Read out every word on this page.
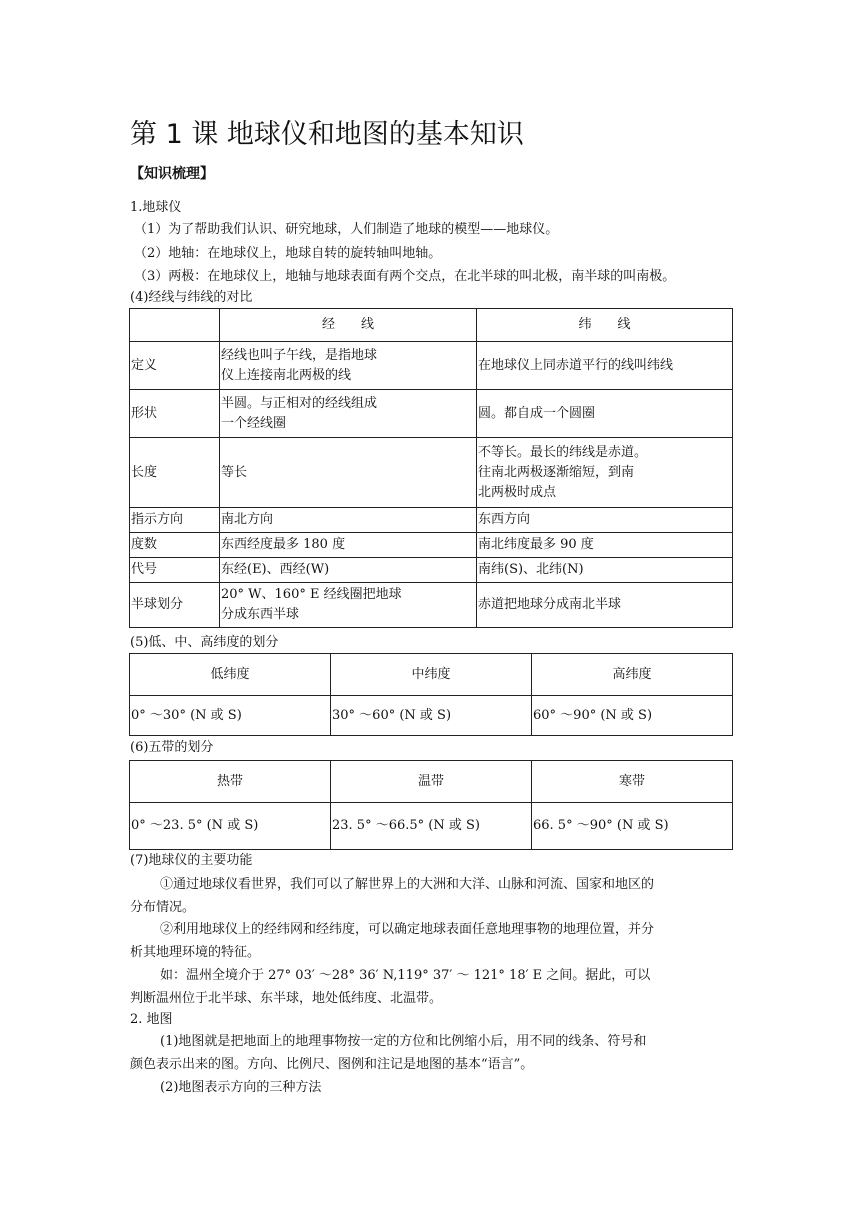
第 1 课 地球仪和地图的基本知识
【知识梳理】
1.地球仪
（1）为了帮助我们认识、研究地球，人们制造了地球的模型——地球仪。
（2）地轴：在地球仪上，地球自转的旋转轴叫地轴。
（3）两极：在地球仪上，地轴与地球表面有两个交点，在北半球的叫北极，南半球的叫南极。
(4)经线与纬线的对比
	经　　线	纬　　线
定义	经线也叫子午线，是指地球
仪上连接南北两极的线	在地球仪上同赤道平行的线叫纬线

形状	半圆。与正相对的经线组成
一个经线圈	圆。都自成一个圆圈

长度	等长	不等长。最长的纬线是赤道。
往南北两极逐渐缩短，到南
北两极时成点

指示方向	南北方向	东西方向
度数	东西经度最多 180 度	南北纬度最多 90 度
代号	东经(E)、西经(W)	南纬(S)、北纬(N)
半球划分	20° W、160° E 经线圈把地球
分成东西半球	赤道把地球分成南北半球
(5)低、中、高纬度的划分
低纬度	中纬度	高纬度
0° ～30° (N 或 S)	30° ～60° (N 或 S)	60° ～90° (N 或 S)
(6)五带的划分
热带	温带	寒带
0° ～23. 5° (N 或 S)	23. 5° ～66.5° (N 或 S)	66. 5° ～90° (N 或 S)
(7)地球仪的主要功能
①通过地球仪看世界，我们可以了解世界上的大洲和大洋、山脉和河流、国家和地区的
分布情况。
②利用地球仪上的经纬网和经纬度，可以确定地球表面任意地理事物的地理位置，并分
析其地理环境的特征。
如：温州全境介于 27° 03′ ～28° 36′ N,119° 37′ ～ 121° 18′ E 之间。据此，可以
判断温州位于北半球、东半球，地处低纬度、北温带。
2. 地图
(1)地图就是把地面上的地理事物按一定的方位和比例缩小后，用不同的线条、符号和
颜色表示出来的图。方向、比例尺、图例和注记是地图的基本“语言”。
(2)地图表示方向的三种方法
